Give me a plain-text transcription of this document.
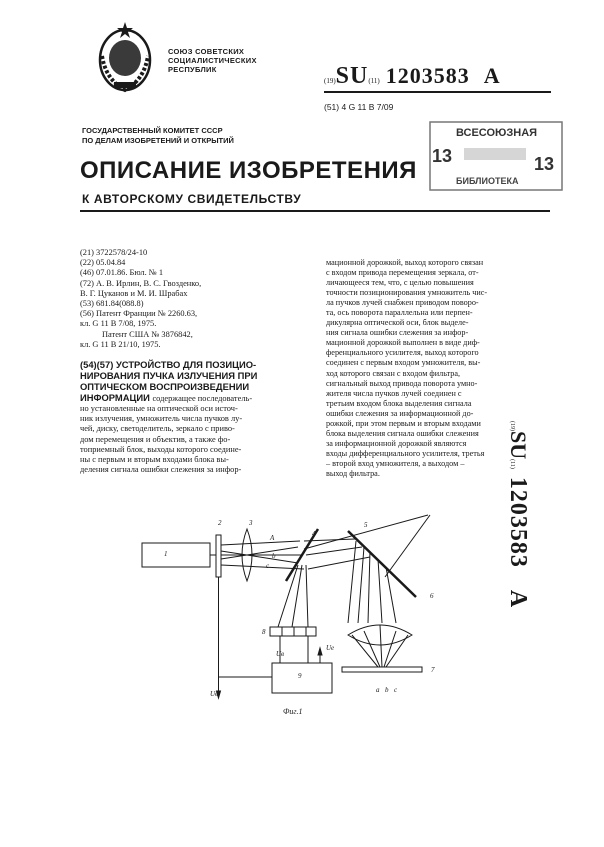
СОЮЗ СОВЕТСКИХ
СОЦИАЛИСТИЧЕСКИХ
РЕСПУБЛИК
(19)SU(11) 1203583 A
(51) 4 G 11 B 7/09
ВСЕСОЮЗНАЯ
13	13
БИБЛИОТЕКА
ГОСУДАРСТВЕННЫЙ КОМИТЕТ СССР
ПО ДЕЛАМ ИЗОБРЕТЕНИЙ И ОТКРЫТИЙ
ОПИСАНИЕ ИЗОБРЕТЕНИЯ
К АВТОРСКОМУ СВИДЕТЕЛЬСТВУ
(21) 3722578/24-10
(22) 05.04.84
(46) 07.01.86. Бюл. № 1
(72) А. В. Ирлин, В. С. Гвозденко,
В. Г. Цуканов и М. И. Шрабах
(53) 681.84(088.8)
(56) Патент Франции № 2260.63,
кл. G 11 B 7/08, 1975.
Патент США № 3876842,
кл. G 11 B 21/10, 1975.
(54)(57) УСТРОЙСТВО ДЛЯ ПОЗИЦИО-
НИРОВАНИЯ ПУЧКА ИЗЛУЧЕНИЯ ПРИ
ОПТИЧЕСКОМ ВОСПРОИЗВЕДЕНИИ
ИНФОРМАЦИИ содержащее последователь-
но установленные на оптической оси источ-
ник излучения, умножитель числа пучков лу-
чей, диску, светоделитель, зеркало с приво-
дом перемещения и объектив, а также фо-
топриемный блок, выходы которого соедине-
ны с первым и вторым входами блока вы-
деления сигнала ошибки слежения за инфор-
мационной дорожкой, выход которого связан
с входом привода перемещения зеркала, от-
личающееся тем, что, с целью повышения
точности позиционирования умножитель чис-
ла пучков лучей снабжен приводом поворо-
та, ось поворота параллельна или перпен-
дикулярна оптической оси, блок выделе-
ния сигнала ошибки слежения за инфор-
мационной дорожкой выполнен в виде диф-
ференциального усилителя, выход которого
соединен с первым входом умножителя, вы-
ход которого связан с входом фильтра,
сигнальный выход привода поворота умно-
жителя числа пучков лучей соединен с
третьим входом блока выделения сигнала
ошибки слежения за информационной до-
рожкой, при этом первым и вторым входами
блока выделения сигнала ошибки слежения
за информационной дорожкой являются
входы дифференциального усилителя, третья
– второй вход умножителя, а выходом –
выход фильтра.
(19)SU(11)1203583A
2
1
3
4
5
6
7
8
9
A
b
c
Uе
Uв
Uв	a b c
Фиг.1
